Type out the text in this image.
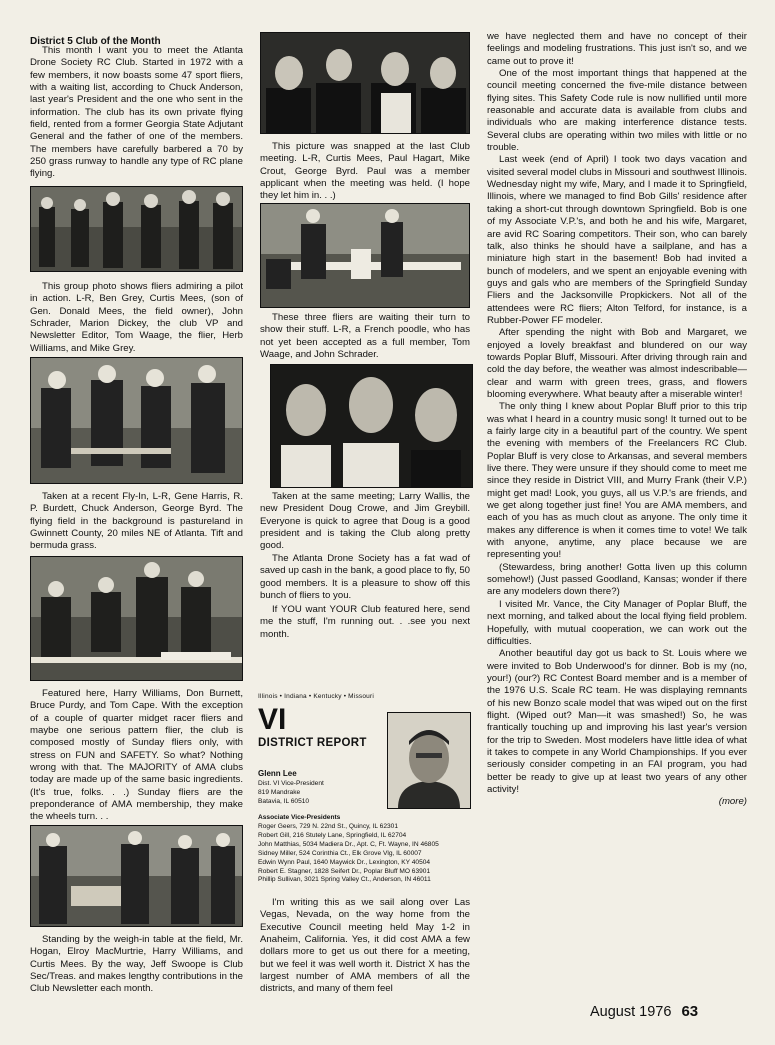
District 5 Club of the Month

This month I want you to meet the Atlanta Drone Society RC Club. Started in 1972 with a few members, it now boasts some 47 sport fliers, with a waiting list, according to Chuck Anderson, last year's President and the one who sent in the information. The club has its own private flying field, rented from a former Georgia State Adjutant General and the father of one of the members. The members have carefully barbered a 70 by 250 grass runway to handle any type of RC plane flying.

This group photo shows fliers admiring a pilot in action. L-R, Ben Grey, Curtis Mees, (son of Gen. Donald Mees, the field owner), John Schrader, Marion Dickey, the club VP and Newsletter Editor, Tom Waage, the flier, Herb Williams, and Mike Grey.

Taken at a recent Fly-In, L-R, Gene Harris, R. P. Burdett, Chuck Anderson, George Byrd. The flying field in the background is pastureland in Gwinnett County, 20 miles NE of Atlanta. Tift and bermuda grass.

Featured here, Harry Williams, Don Burnett, Bruce Purdy, and Tom Cape. With the exception of a couple of quarter midget racer fliers and maybe one serious pattern flier, the club is composed mostly of Sunday fliers only, with stress on FUN and SAFETY. So what? Nothing wrong with that. The MAJORITY of AMA clubs today are made up of the same basic ingredients. (It's true, folks. . .) Sunday fliers are the preponderance of AMA membership, they make the wheels turn. . .

Standing by the weigh-in table at the field, Mr. Hogan, Elroy MacMurtrie, Harry Williams, and Curtis Mees. By the way, Jeff Swoope is Club Sec/Treas. and makes lengthy contributions in the Club Newsletter each month.

This picture was snapped at the last Club meeting. L-R, Curtis Mees, Paul Hagart, Mike Crout, George Byrd. Paul was a member applicant when the meeting was held. (I hope they let him in. . .)

These three fliers are waiting their turn to show their stuff. L-R, a French poodle, who has not yet been accepted as a full member, Tom Waage, and John Schrader.

Taken at the same meeting; Larry Wallis, the new President Doug Crowe, and Jim Greybill. Everyone is quick to agree that Doug is a good president and is taking the Club along pretty good.

The Atlanta Drone Society has a fat wad of saved up cash in the bank, a good place to fly, 50 good members. It is a pleasure to show off this bunch of fliers to you.

If YOU want YOUR Club featured here, send me the stuff, I'm running out. . .see you next month.

Illinois • Indiana • Kentucky • Missouri
VI
DISTRICT REPORT
Glenn Lee
Dist. VI Vice-President
819 Mandrake
Batavia, IL 60510
Associate Vice-Presidents
Roger Geers, 729 N. 22nd St., Quincy, IL 62301
Robert Gill, 216 Stutely Lane, Springfield, IL 62704
John Matthias, 5034 Madiera Dr., Apt. C, Ft. Wayne, IN 46805
Sidney Miller, 524 Corinthia Ct., Elk Grove Vlg, IL 60007
Edwin Wynn Paul, 1640 Maywick Dr., Lexington, KY 40504
Robert E. Stagner, 1828 Seifert Dr., Poplar Bluff MO 63901
Phillip Sullivan, 3021 Spring Valley Ct., Anderson, IN 46011

I'm writing this as we sail along over Las Vegas, Nevada, on the way home from the Executive Council meeting held May 1-2 in Anaheim, California. Yes, it did cost AMA a few dollars more to get us out there for a meeting, but we feel it was well worth it. District X has the largest number of AMA members of all the districts, and many of them feel

we have neglected them and have no concept of their feelings and modeling frustrations. This just isn't so, and we came out to prove it!

One of the most important things that happened at the council meeting concerned the five-mile distance between flying sites. This Safety Code rule is now nullified until more reasonable and accurate data is available from clubs and individuals who are making interference distance tests. Several clubs are operating within two miles with little or no trouble.

Last week (end of April) I took two days vacation and visited several model clubs in Missouri and southwest Illinois. Wednesday night my wife, Mary, and I made it to Springfield, Illinois, where we managed to find Bob Gills' residence after taking a short-cut through downtown Springfield. Bob is one of my Associate V.P.'s, and both he and his wife, Margaret, are avid RC Soaring competitors. Their son, who can barely talk, also thinks he should have a sailplane, and has a miniature high start in the basement! Bob had invited a bunch of modelers, and we spent an enjoyable evening with guys and gals who are members of the Springfield Sunday Fliers and the Jacksonville Propkickers. Not all of the attendees were RC fliers; Alton Telford, for instance, is a Rubber-Power FF modeler.

After spending the night with Bob and Margaret, we enjoyed a lovely breakfast and blundered on our way towards Poplar Bluff, Missouri. After driving through rain and cold the day before, the weather was almost indescribable—clear and warm with green trees, grass, and flowers blooming everywhere. What beauty after a miserable winter!

The only thing I knew about Poplar Bluff prior to this trip was what I heard in a country music song! It turned out to be a fairly large city in a beautiful part of the country. We spent the evening with members of the Freelancers RC Club. Poplar Bluff is very close to Arkansas, and several members live there. They were unsure if they should come to meet me since they reside in District VIII, and Murry Frank (their V.P.) might get mad! Look, you guys, all us V.P.'s are friends, and we get along together just fine! You are AMA members, and each of you has as much clout as anyone. The only time it makes any difference is when it comes time to vote! We talk with anyone, anytime, any place because we are representing you!

(Stewardess, bring another! Gotta liven up this column somehow!) (Just passed Goodland, Kansas; wonder if there are any modelers down there?)

I visited Mr. Vance, the City Manager of Poplar Bluff, the next morning, and talked about the local flying field problem. Hopefully, with mutual cooperation, we can work out the difficulties.

Another beautiful day got us back to St. Louis where we were invited to Bob Underwood's for dinner. Bob is my (no, your!) (our?) RC Contest Board member and is a member of the 1976 U.S. Scale RC team. He was displaying remnants of his new Bonzo scale model that was wiped out on the first flight. (Wiped out? Man—it was smashed!) So, he was frantically touching up and improving his last year's version for the trip to Sweden. Most modelers have little idea of what it takes to compete in any World Championships. If you ever seriously consider competing in an FAI program, you had better be ready to give up at least two years of any other activity!

(more)

August 1976 63
